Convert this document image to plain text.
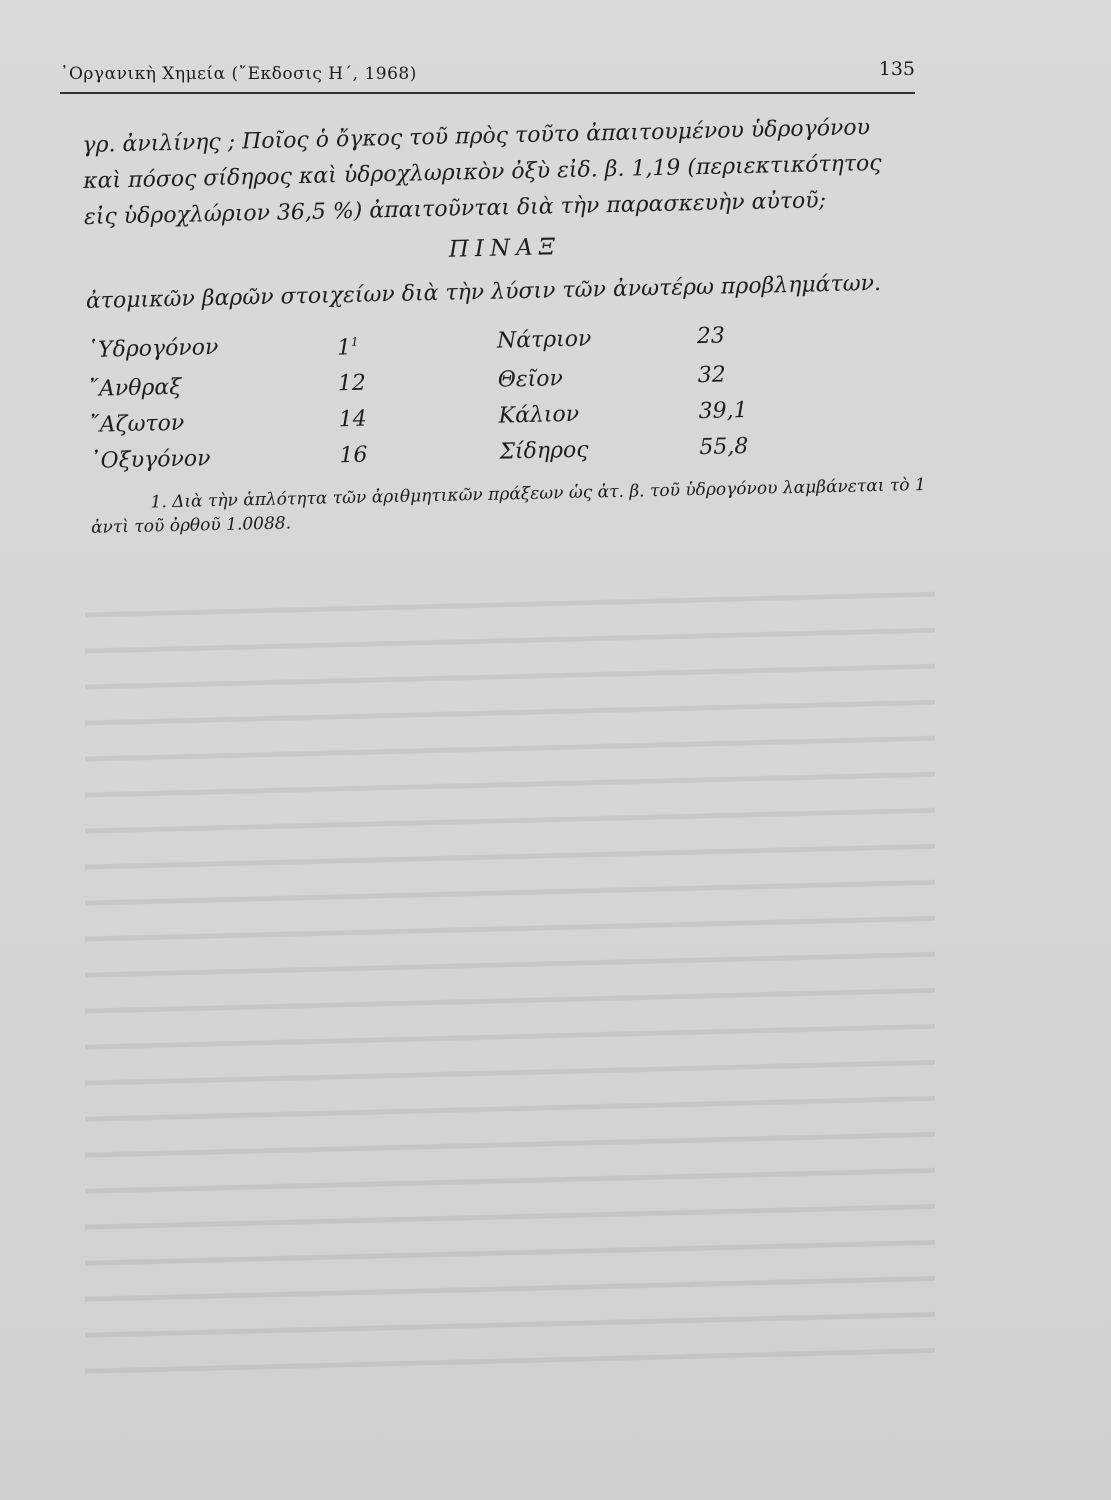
᾿Οργανικὴ Χημεία (῎Εκδοσις Η΄, 1968)	135

γρ. ἀνιλίνης ; Ποῖος ὁ ὄγκος τοῦ πρὸς τοῦτο ἀπαιτουμένου ὑδρογόνου

καὶ πόσος σίδηρος καὶ ὑδροχλωρικὸν ὀξὺ εἰδ. β. 1,19 (περιεκτικότητος

εἰς ὑδροχλώριον 36,5 %) ἀπαιτοῦνται διὰ τὴν παρασκευὴν αὐτοῦ;

ΠΙΝΑΞ

ἀτομικῶν βαρῶν στοιχείων διὰ τὴν λύσιν τῶν ἀνωτέρω προβλημάτων.

῾Υδρογόνον	$1^1$	Νάτριον	23
῎Ανθραξ	12	Θεῖον	32
῎Αζωτον	14	Κάλιον	39,1
᾿Οξυγόνον	16	Σίδηρος	55,8

1. Διὰ τὴν ἁπλότητα τῶν ἀριθμητικῶν πράξεων ὡς ἀτ. β. τοῦ ὑδρογόνου λαμβάνεται τὸ 1 ἀντὶ τοῦ ὀρθοῦ 1.0088.
